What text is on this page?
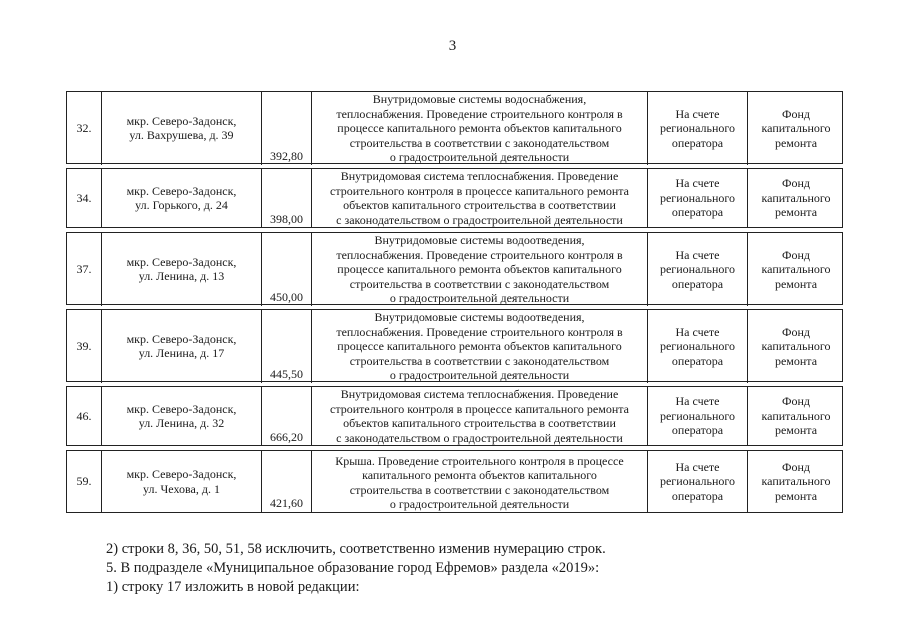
3
32.
мкр. Северо-Задонск,
ул. Вахрушева, д. 39
392,80
Внутридомовые системы водоснабжения,
теплоснабжения. Проведение строительного контроля в
процессе капитального ремонта объектов капитального
строительства в соответствии с законодательством
о градостроительной деятельности
На счете
регионального
оператора
Фонд
капитального
ремонта
34.
мкр. Северо-Задонск,
ул. Горького, д. 24
398,00
Внутридомовая система теплоснабжения. Проведение
строительного контроля в процессе капитального ремонта
объектов капитального строительства в соответствии
с законодательством о градостроительной деятельности
На счете
регионального
оператора
Фонд
капитального
ремонта
37.
мкр. Северо-Задонск,
ул. Ленина, д. 13
450,00
Внутридомовые системы водоотведения,
теплоснабжения. Проведение строительного контроля в
процессе капитального ремонта объектов капитального
строительства в соответствии с законодательством
о градостроительной деятельности
На счете
регионального
оператора
Фонд
капитального
ремонта
39.
мкр. Северо-Задонск,
ул. Ленина, д. 17
445,50
Внутридомовые системы водоотведения,
теплоснабжения. Проведение строительного контроля в
процессе капитального ремонта объектов капитального
строительства в соответствии с законодательством
о градостроительной деятельности
На счете
регионального
оператора
Фонд
капитального
ремонта
46.
мкр. Северо-Задонск,
ул. Ленина, д. 32
666,20
Внутридомовая система теплоснабжения. Проведение
строительного контроля в процессе капитального ремонта
объектов капитального строительства в соответствии
с законодательством о градостроительной деятельности
На счете
регионального
оператора
Фонд
капитального
ремонта
59.
мкр. Северо-Задонск,
ул. Чехова, д. 1
421,60
Крыша. Проведение строительного контроля в процессе
капитального ремонта объектов капитального
строительства в соответствии с законодательством
о градостроительной деятельности
На счете
регионального
оператора
Фонд
капитального
ремонта
2) строки 8, 36, 50, 51, 58 исключить, соответственно изменив нумерацию строк.
5. В подразделе «Муниципальное образование город Ефремов» раздела «2019»:
1) строку 17 изложить в новой редакции:
